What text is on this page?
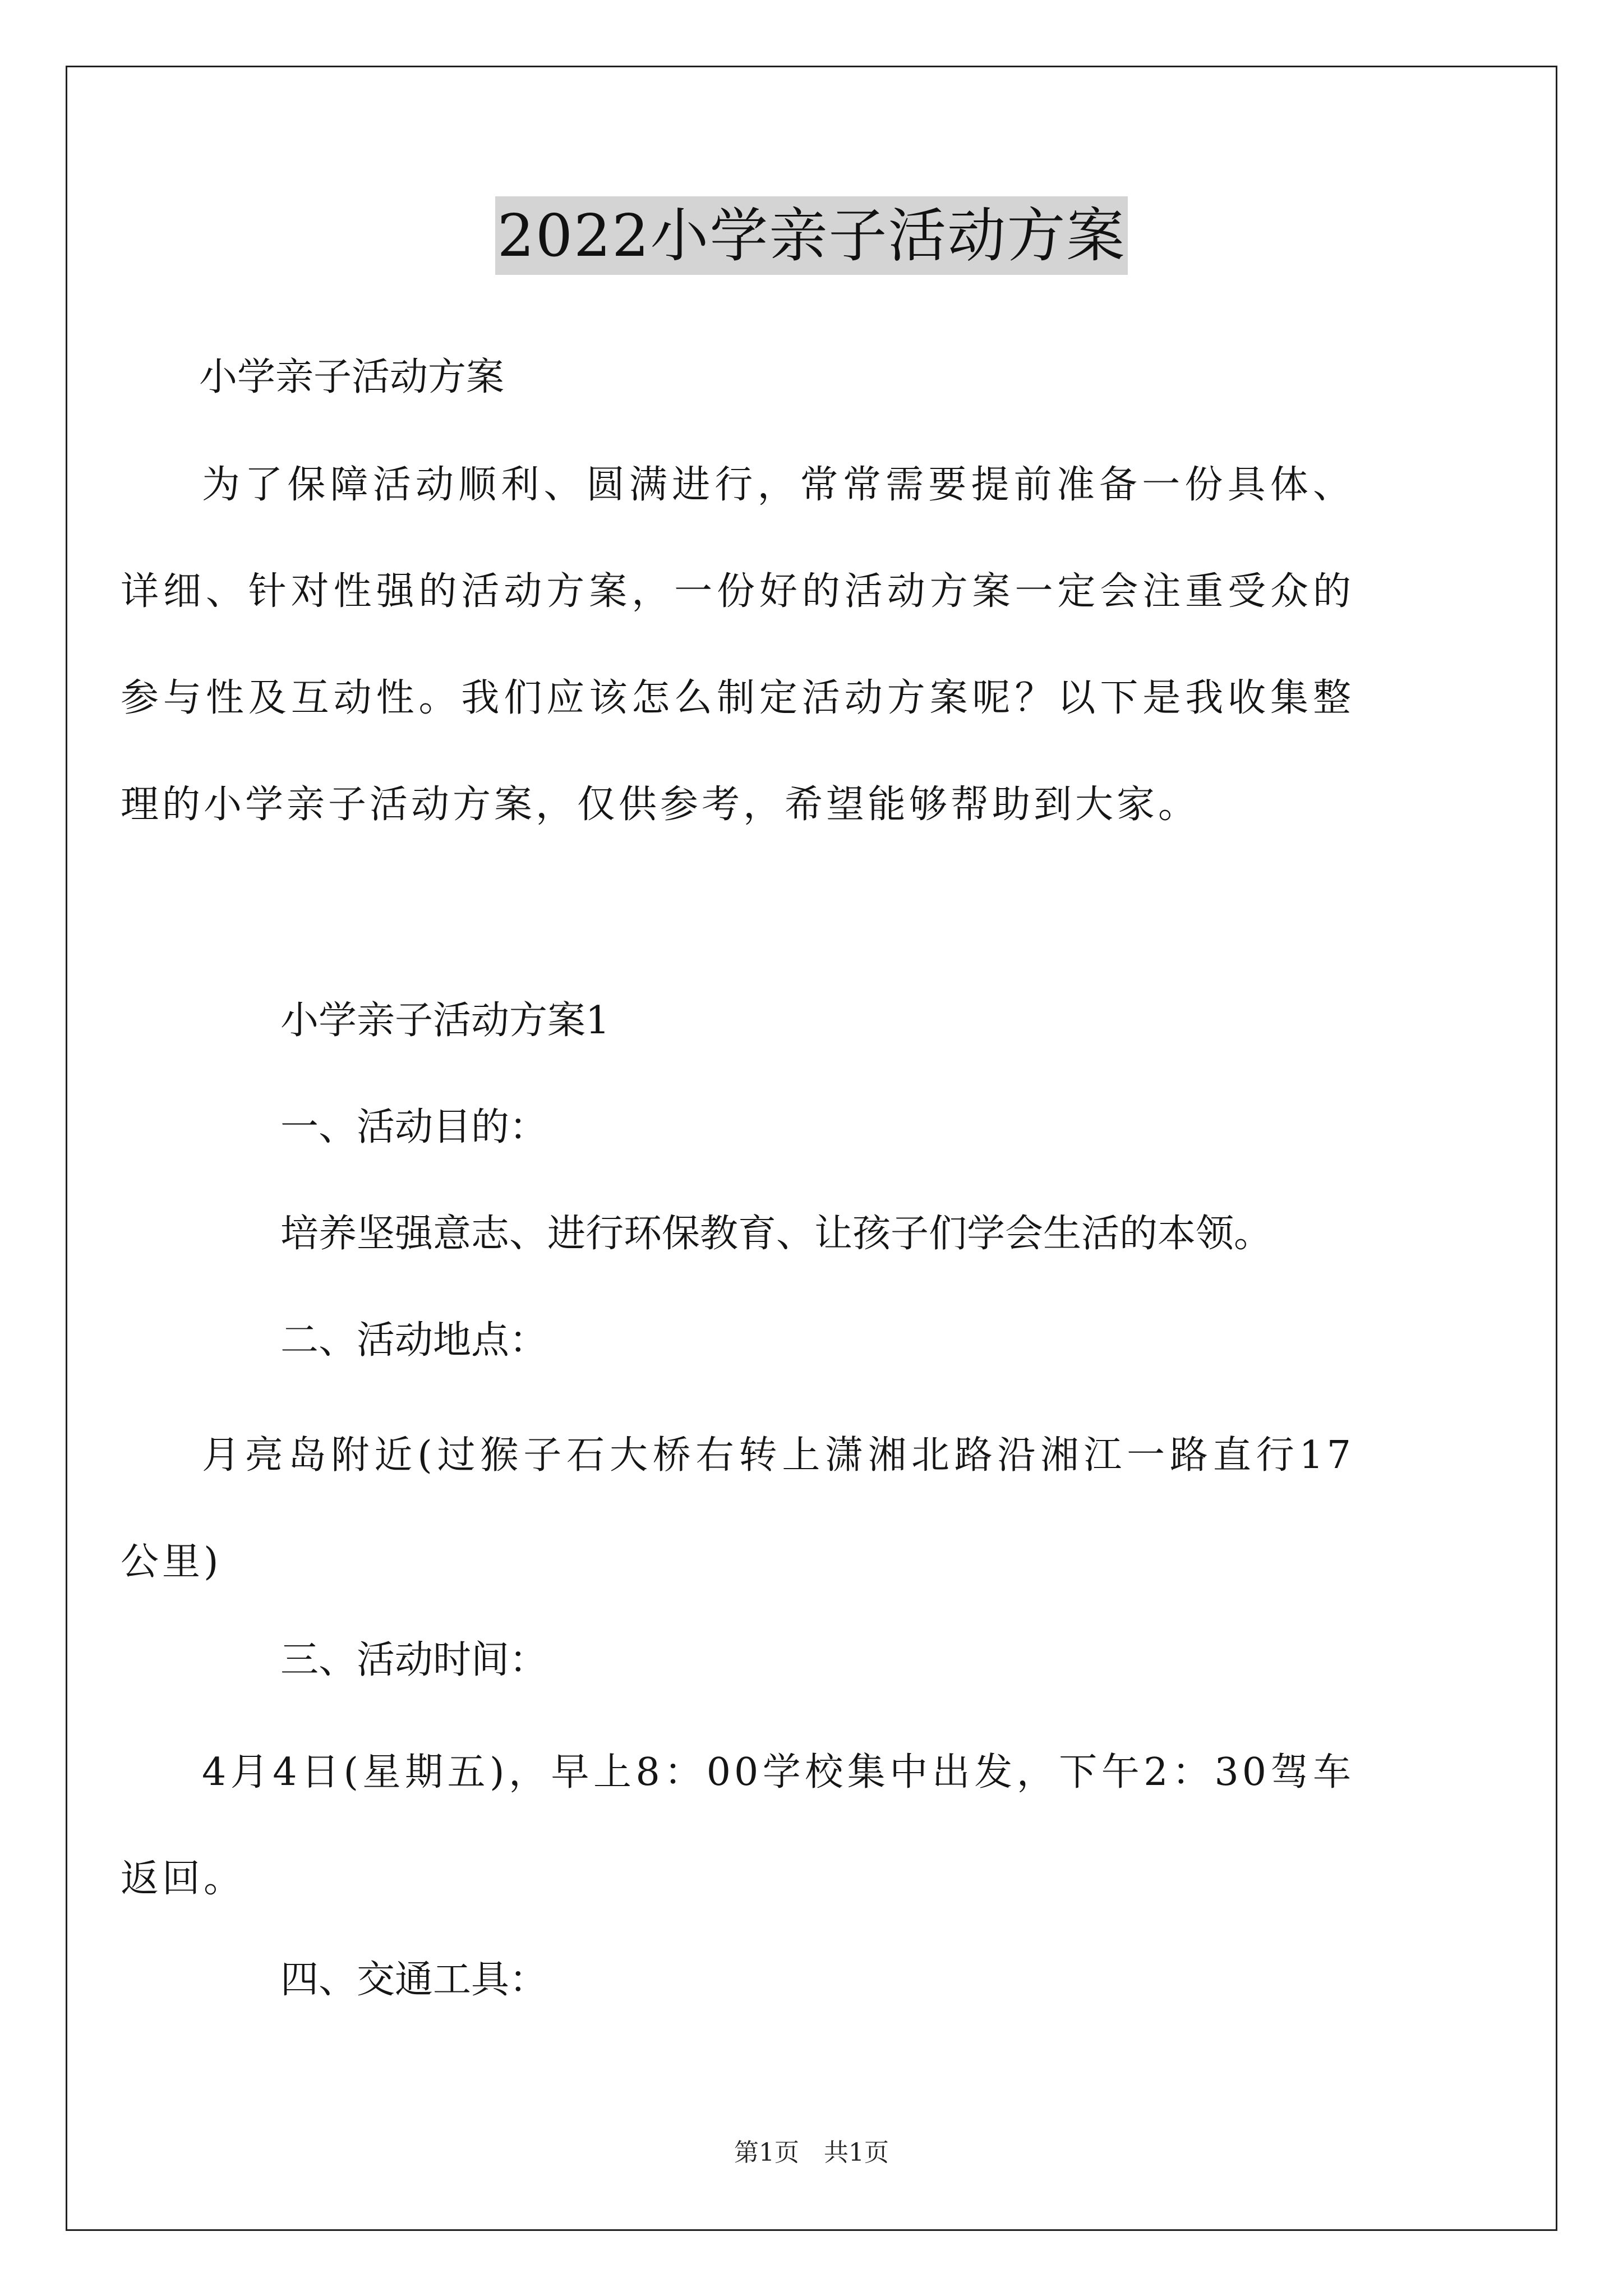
2022小学亲子活动方案
小学亲子活动方案
为了保障活动顺利、圆满进行，常常需要提前准备一份具体、详细、针对性强的活动方案，一份好的活动方案一定会注重受众的参与性及互动性。我们应该怎么制定活动方案呢？以下是我收集整理的小学亲子活动方案，仅供参考，希望能够帮助到大家。
小学亲子活动方案1
一、活动目的：
培养坚强意志、进行环保教育、让孩子们学会生活的本领。
二、活动地点：
月亮岛附近(过猴子石大桥右转上潇湘北路沿湘江一路直行17公里)
三、活动时间：
4月4日(星期五)，早上8：00学校集中出发，下午2：30驾车返回。
四、交通工具：
第1页 共1页
